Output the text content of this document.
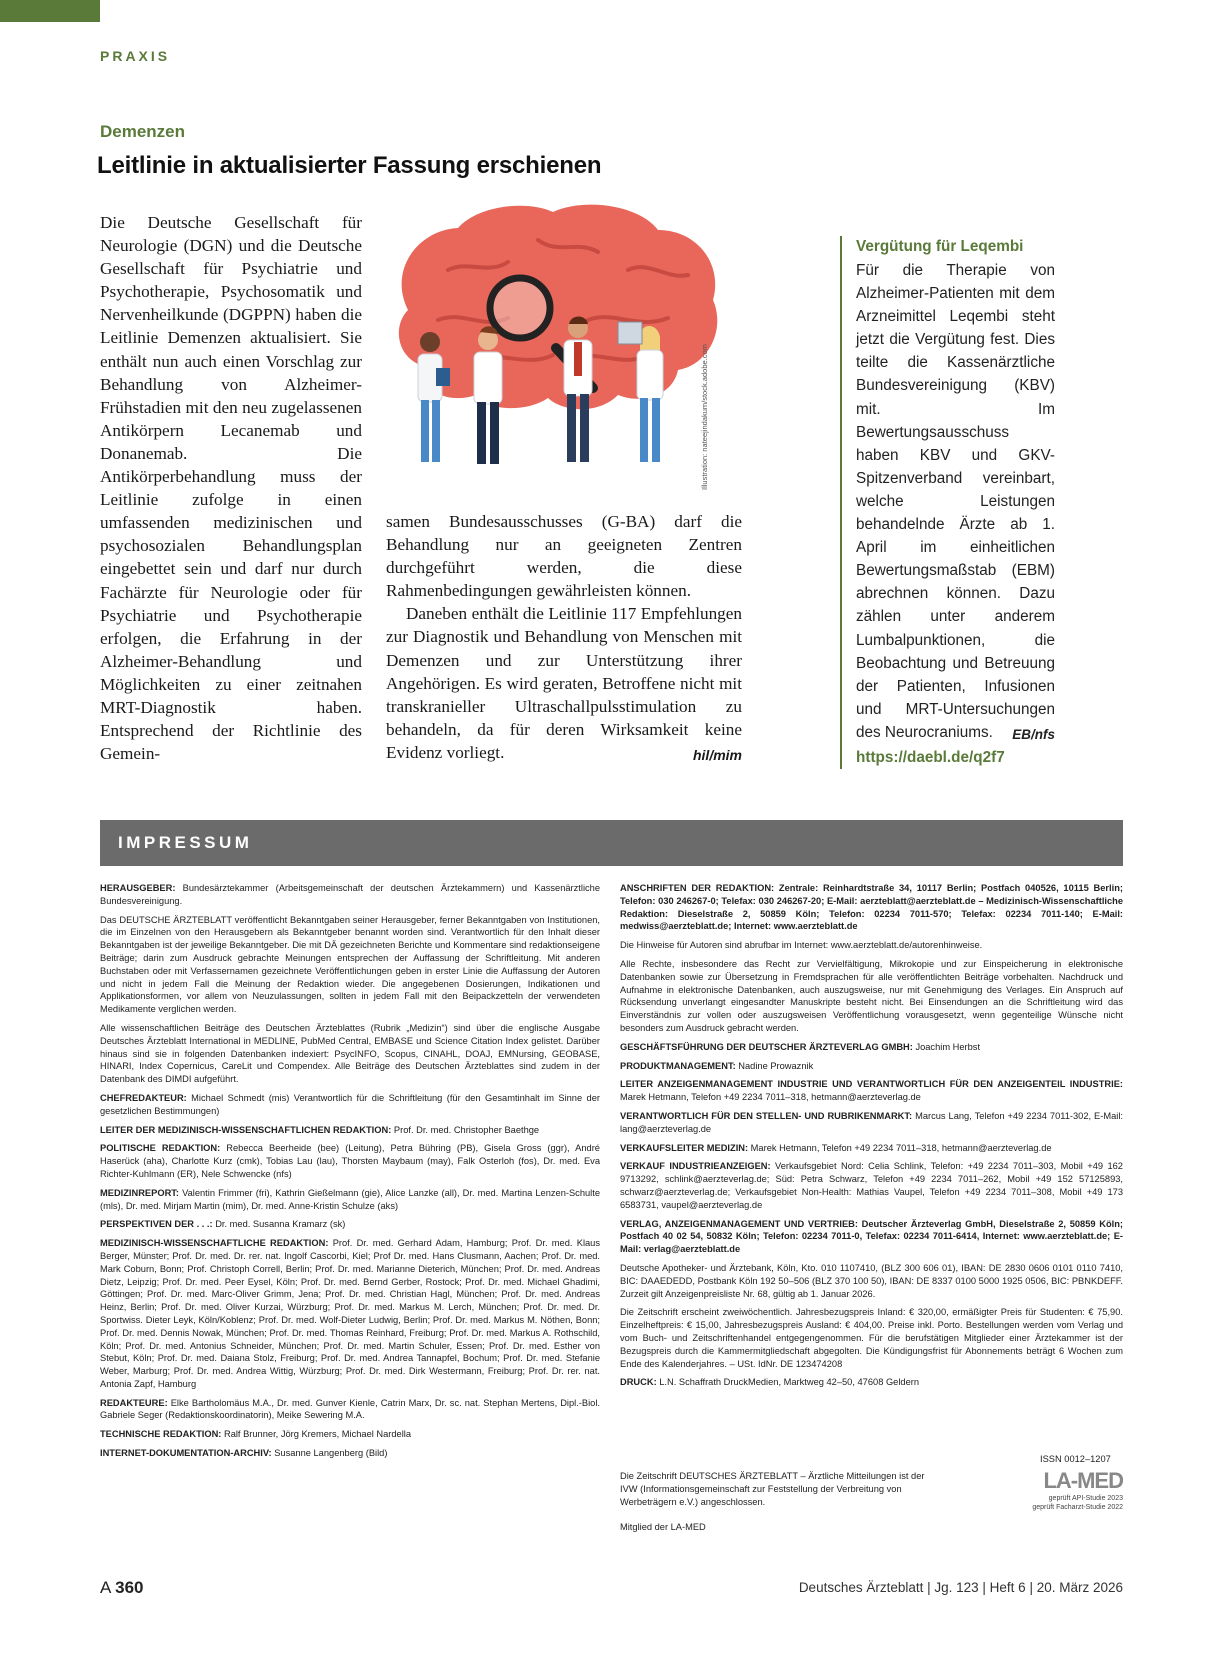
PRAXIS
Demenzen
Leitlinie in aktualisierter Fassung erschienen

Die Deutsche Gesellschaft für Neurologie (DGN) und die Deutsche Gesellschaft für Psychiatrie und Psychotherapie, Psychosomatik und Nervenheilkunde (DGPPN) haben die Leitlinie Demenzen aktualisiert. Sie enthält nun auch einen Vorschlag zur Behandlung von Alzheimer-Frühstadien mit den neu zugelassenen Antikörpern Lecanemab und Donanemab. Die Antikörperbehandlung muss der Leitlinie zufolge in einen umfassenden medizinischen und psychosozialen Behandlungsplan eingebettet sein und darf nur durch Fachärzte für Neurologie oder für Psychiatrie und Psychotherapie erfolgen, die Erfahrung in der Alzheimer-Behandlung und Möglichkeiten zu einer zeitnahen MRT-Diagnostik haben. Entsprechend der Richtlinie des Gemein-

Illustration: nateejindakum/stock.adobe.com

samen Bundesausschusses (G-BA) darf die Behandlung nur an geeigneten Zentren durchgeführt werden, die diese Rahmenbedingungen gewährleisten können.

Daneben enthält die Leitlinie 117 Empfehlungen zur Diagnostik und Behandlung von Menschen mit Demenzen und zur Unterstützung ihrer Angehörigen. Es wird geraten, Betroffene nicht mit transkranieller Ultraschallpulsstimulation zu behandeln, da für deren Wirksamkeit keine Evidenz vorliegt.	hil/mim

Vergütung für Leqembi

Für die Therapie von Alzheimer-Patienten mit dem Arzneimittel Leqembi steht jetzt die Vergütung fest. Dies teilte die Kassenärztliche Bundesvereinigung (KBV) mit. Im Bewertungsausschuss haben KBV und GKV-Spitzenverband vereinbart, welche Leistungen behandelnde Ärzte ab 1. April im einheitlichen Bewertungsmaßstab (EBM) abrechnen können. Dazu zählen unter anderem Lumbalpunktionen, die Beobachtung und Betreuung der Patienten, Infusionen und MRT-Untersuchungen des Neurocraniums. EB/nfs

https://daebl.de/q2f7
IMPRESSUM

HERAUSGEBER: Bundesärztekammer (Arbeitsgemeinschaft der deutschen Ärztekammern) und Kassenärztliche Bundesvereinigung.

Das DEUTSCHE ÄRZTEBLATT veröffentlicht Bekanntgaben seiner Herausgeber, ferner Bekanntgaben von Institutionen, die im Einzelnen von den Herausgebern als Bekanntgeber benannt worden sind. Verantwortlich für den Inhalt dieser Bekanntgaben ist der jeweilige Bekanntgeber. Die mit DÄ gezeichneten Berichte und Kommentare sind redaktionseigene Beiträge; darin zum Ausdruck gebrachte Meinungen entsprechen der Auffassung der Schriftleitung. Mit anderen Buchstaben oder mit Verfassernamen gezeichnete Veröffentlichungen geben in erster Linie die Auffassung der Autoren und nicht in jedem Fall die Meinung der Redaktion wieder. Die angegebenen Dosierungen, Indikationen und Applikationsformen, vor allem von Neuzulassungen, sollten in jedem Fall mit den Beipackzetteln der verwendeten Medikamente verglichen werden.

Alle wissenschaftlichen Beiträge des Deutschen Ärzteblattes (Rubrik „Medizin“) sind über die englische Ausgabe Deutsches Ärzteblatt International in MEDLINE, PubMed Central, EMBASE und Science Citation Index gelistet. Darüber hinaus sind sie in folgenden Datenbanken indexiert: PsycINFO, Scopus, CINAHL, DOAJ, EMNursing, GEOBASE, HINARI, Index Copernicus, CareLit und Compendex. Alle Beiträge des Deutschen Ärzteblattes sind zudem in der Datenbank des DIMDI aufgeführt.

CHEFREDAKTEUR: Michael Schmedt (mis) Verantwortlich für die Schriftleitung (für den Gesamtinhalt im Sinne der gesetzlichen Bestimmungen)

LEITER DER MEDIZINISCH-WISSENSCHAFTLICHEN REDAKTION: Prof. Dr. med. Christopher Baethge

POLITISCHE REDAKTION: Rebecca Beerheide (bee) (Leitung), Petra Bühring (PB), Gisela Gross (ggr), André Haserück (aha), Charlotte Kurz (cmk), Tobias Lau (lau), Thorsten Maybaum (may), Falk Osterloh (fos), Dr. med. Eva Richter-Kuhlmann (ER), Nele Schwencke (nfs)

MEDIZINREPORT: Valentin Frimmer (fri), Kathrin Gießelmann (gie), Alice Lanzke (all), Dr. med. Martina Lenzen-Schulte (mls), Dr. med. Mirjam Martin (mim), Dr. med. Anne-Kristin Schulze (aks)

PERSPEKTIVEN DER . . .: Dr. med. Susanna Kramarz (sk)

MEDIZINISCH-WISSENSCHAFTLICHE REDAKTION: Prof. Dr. med. Gerhard Adam, Hamburg; Prof. Dr. med. Klaus Berger, Münster; Prof. Dr. med. Dr. rer. nat. Ingolf Cascorbi, Kiel; Prof Dr. med. Hans Clusmann, Aachen; Prof. Dr. med. Mark Coburn, Bonn; Prof. Christoph Correll, Berlin; Prof. Dr. med. Marianne Dieterich, München; Prof. Dr. med. Andreas Dietz, Leipzig; Prof. Dr. med. Peer Eysel, Köln; Prof. Dr. med. Bernd Gerber, Rostock; Prof. Dr. med. Michael Ghadimi, Göttingen; Prof. Dr. med. Marc-Oliver Grimm, Jena; Prof. Dr. med. Christian Hagl, München; Prof. Dr. med. Andreas Heinz, Berlin; Prof. Dr. med. Oliver Kurzai, Würzburg; Prof. Dr. med. Markus M. Lerch, München; Prof. Dr. med. Dr. Sportwiss. Dieter Leyk, Köln/Koblenz; Prof. Dr. med. Wolf-Dieter Ludwig, Berlin; Prof. Dr. med. Markus M. Nöthen, Bonn; Prof. Dr. med. Dennis Nowak, München; Prof. Dr. med. Thomas Reinhard, Freiburg; Prof. Dr. med. Markus A. Rothschild, Köln; Prof. Dr. med. Antonius Schneider, München; Prof. Dr. med. Martin Schuler, Essen; Prof. Dr. med. Esther von Stebut, Köln; Prof. Dr. med. Daiana Stolz, Freiburg; Prof. Dr. med. Andrea Tannapfel, Bochum; Prof. Dr. med. Stefanie Weber, Marburg; Prof. Dr. med. Andrea Wittig, Würzburg; Prof. Dr. med. Dirk Westermann, Freiburg; Prof. Dr. rer. nat. Antonia Zapf, Hamburg

REDAKTEURE: Elke Bartholomäus M.A., Dr. med. Gunver Kienle, Catrin Marx, Dr. sc. nat. Stephan Mertens, Dipl.-Biol. Gabriele Seger (Redaktionskoordinatorin), Meike Sewering M.A.

TECHNISCHE REDAKTION: Ralf Brunner, Jörg Kremers, Michael Nardella

INTERNET-DOKUMENTATION-ARCHIV: Susanne Langenberg (Bild)

ANSCHRIFTEN DER REDAKTION: Zentrale: Reinhardtstraße 34, 10117 Berlin; Postfach 040526, 10115 Berlin; Telefon: 030 246267-0; Telefax: 030 246267-20; E-Mail: aerzteblatt@aerzteblatt.de – Medizinisch-Wissenschaftliche Redaktion: Dieselstraße 2, 50859 Köln; Telefon: 02234 7011-570; Telefax: 02234 7011-140; E-Mail: medwiss@aerzteblatt.de; Internet: www.aerzteblatt.de

Die Hinweise für Autoren sind abrufbar im Internet: www.aerzteblatt.de/autorenhinweise.

Alle Rechte, insbesondere das Recht zur Vervielfältigung, Mikrokopie und zur Einspeicherung in elektronische Datenbanken sowie zur Übersetzung in Fremdsprachen für alle veröffentlichten Beiträge vorbehalten. Nachdruck und Aufnahme in elektronische Datenbanken, auch auszugsweise, nur mit Genehmigung des Verlages. Ein Anspruch auf Rücksendung unverlangt eingesandter Manuskripte besteht nicht. Bei Einsendungen an die Schriftleitung wird das Einverständnis zur vollen oder auszugsweisen Veröffentlichung vorausgesetzt, wenn gegenteilige Wünsche nicht besonders zum Ausdruck gebracht werden.

GESCHÄFTSFÜHRUNG DER DEUTSCHER ÄRZTEVERLAG GMBH: Joachim Herbst

PRODUKTMANAGEMENT: Nadine Prowaznik

LEITER ANZEIGENMANAGEMENT INDUSTRIE UND VERANTWORTLICH FÜR DEN ANZEIGENTEIL INDUSTRIE: Marek Hetmann, Telefon +49 2234 7011–318, hetmann@aerzteverlag.de

VERANTWORTLICH FÜR DEN STELLEN- UND RUBRIKENMARKT: Marcus Lang, Telefon +49 2234 7011-302, E-Mail: lang@aerzteverlag.de

VERKAUFSLEITER MEDIZIN: Marek Hetmann, Telefon +49 2234 7011–318, hetmann@aerzteverlag.de

VERKAUF INDUSTRIEANZEIGEN: Verkaufsgebiet Nord: Celia Schlink, Telefon: +49 2234 7011–303, Mobil +49 162 9713292, schlink@aerzteverlag.de; Süd: Petra Schwarz, Telefon +49 2234 7011–262, Mobil +49 152 57125893, schwarz@aerzteverlag.de; Verkaufsgebiet Non-Health: Mathias Vaupel, Telefon +49 2234 7011–308, Mobil +49 173 6583731, vaupel@aerzteverlag.de

VERLAG, ANZEIGENMANAGEMENT UND VERTRIEB: Deutscher Ärzteverlag GmbH, Dieselstraße 2, 50859 Köln; Postfach 40 02 54, 50832 Köln; Telefon: 02234 7011-0, Telefax: 02234 7011-6414, Internet: www.aerzteblatt.de; E-Mail: verlag@aerzteblatt.de

Deutsche Apotheker- und Ärztebank, Köln, Kto. 010 1107410, (BLZ 300 606 01), IBAN: DE 2830 0606 0101 0110 7410, BIC: DAAEDEDD, Postbank Köln 192 50–506 (BLZ 370 100 50), IBAN: DE 8337 0100 5000 1925 0506, BIC: PBNKDEFF. Zurzeit gilt Anzeigenpreisliste Nr. 68, gültig ab 1. Januar 2026.

Die Zeitschrift erscheint zweiwöchentlich. Jahresbezugspreis Inland: € 320,00, ermäßigter Preis für Studenten: € 75,90. Einzelheftpreis: € 15,00, Jahresbezugspreis Ausland: € 404,00. Preise inkl. Porto. Bestellungen werden vom Verlag und vom Buch- und Zeitschriftenhandel entgegengenommen. Für die berufstätigen Mitglieder einer Ärztekammer ist der Bezugspreis durch die Kammermitgliedschaft abgegolten. Die Kündigungsfrist für Abonnements beträgt 6 Wochen zum Ende des Kalenderjahres. – USt. IdNr. DE 123474208

DRUCK: L.N. Schaffrath DruckMedien, Marktweg 42–50, 47608 Geldern

ISSN 0012–1207
Die Zeitschrift DEUTSCHES ÄRZTEBLATT – Ärztliche Mitteilungen ist der IVW (Informationsgemeinschaft zur Feststellung der Verbreitung von Werbeträgern e.V.) angeschlossen.
Mitglied der LA-MED
LA-MED
geprüft API-Studie 2023
geprüft Facharzt-Studie 2022
A 360	Deutsches Ärzteblatt | Jg. 123 | Heft 6 | 20. März 2026
